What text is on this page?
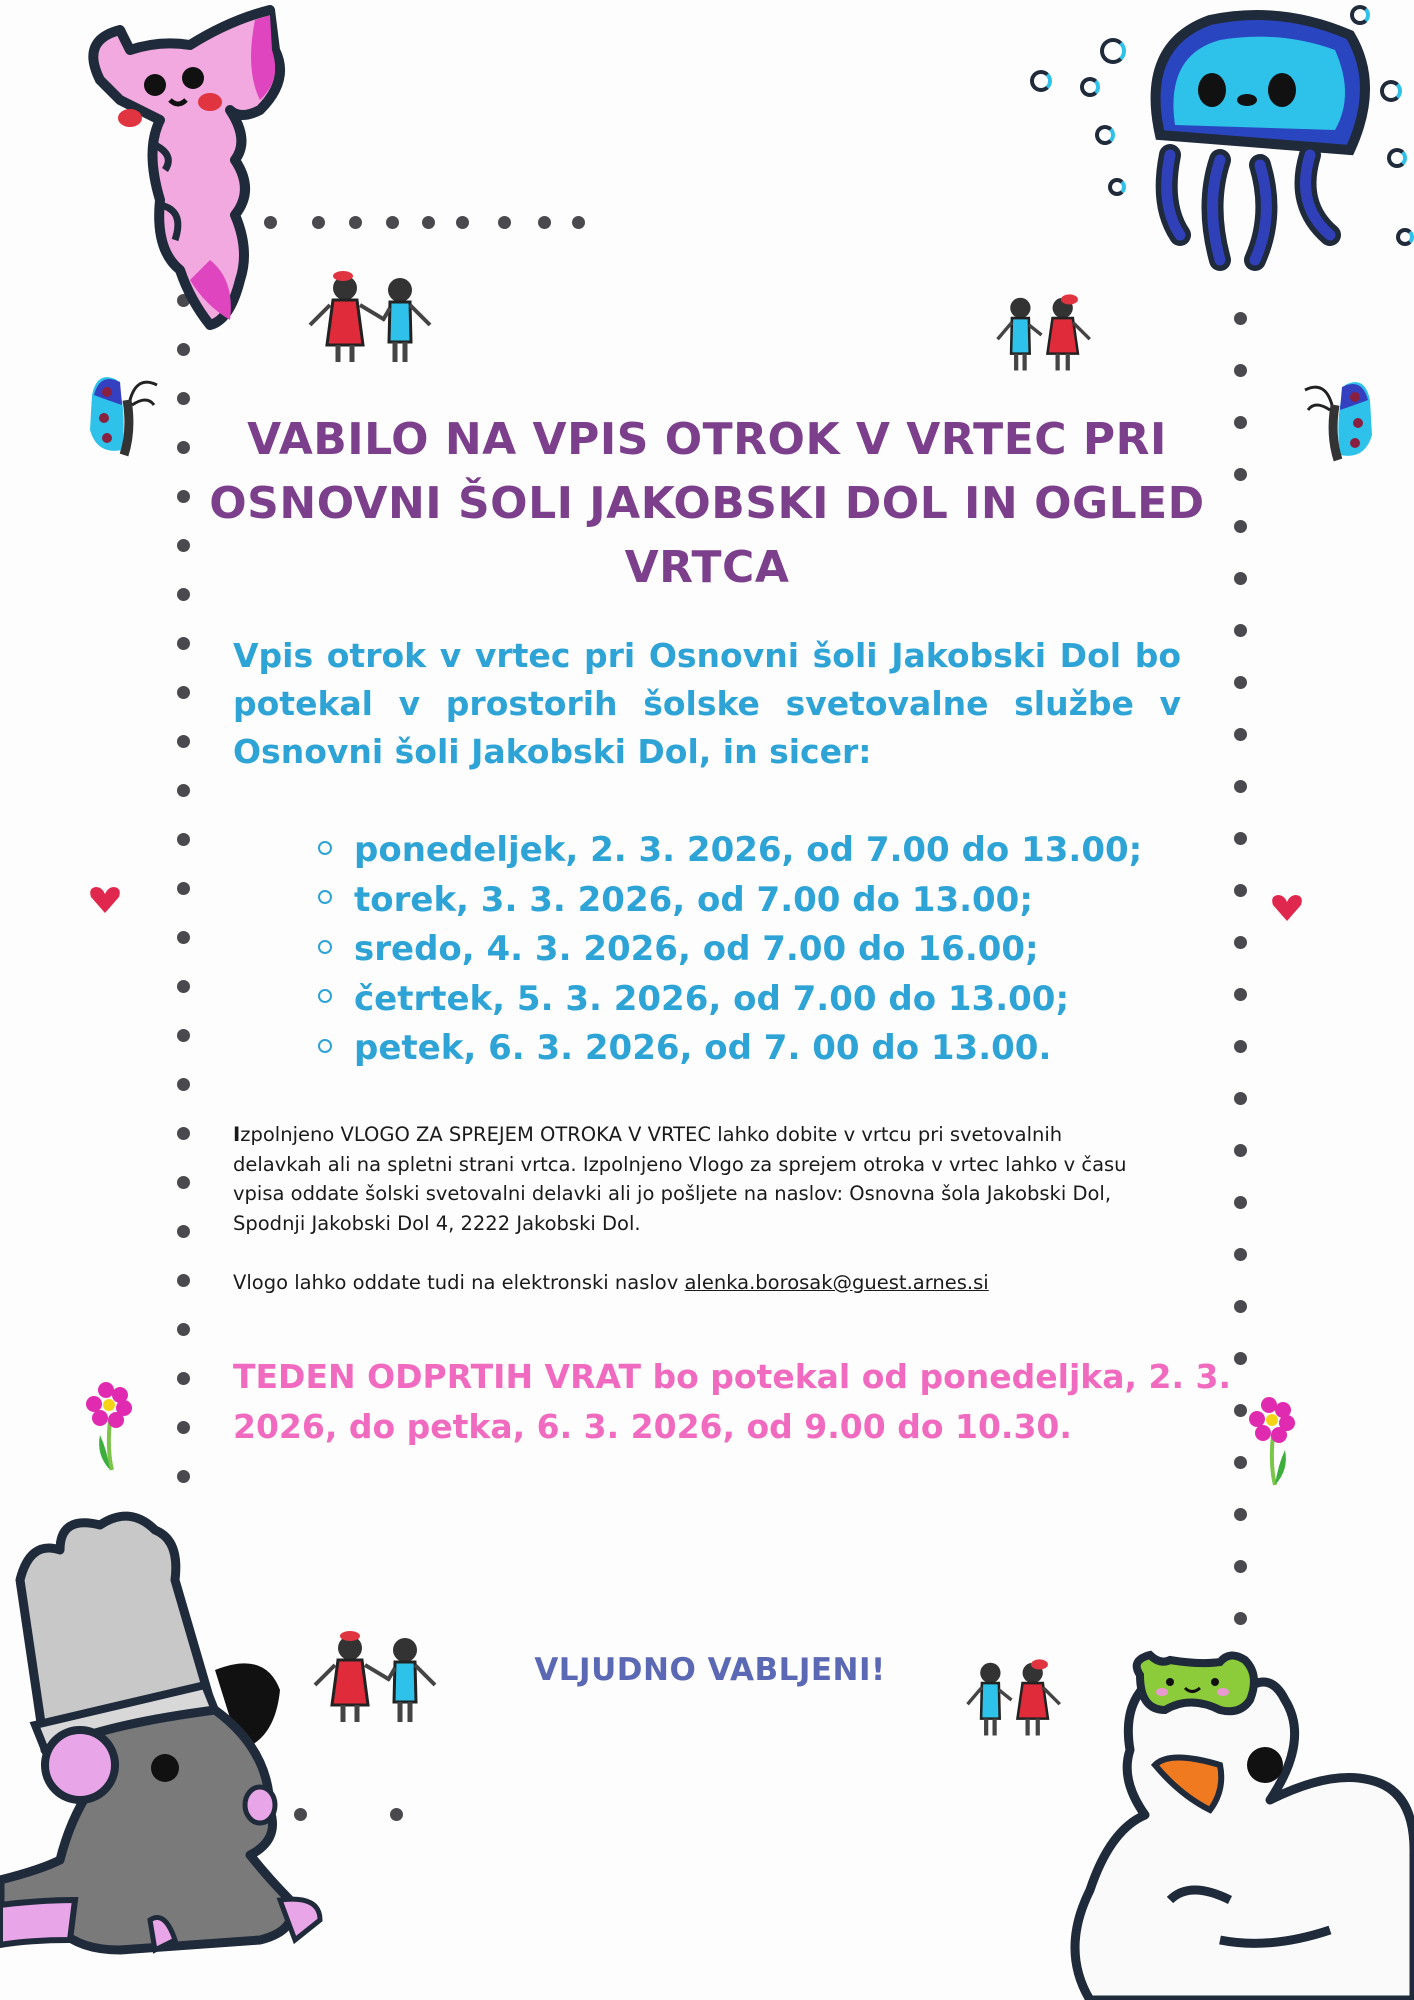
VABILO NA VPIS OTROK V VRTEC PRI
OSNOVNI ŠOLI JAKOBSKI DOL IN OGLED
VRTCA
Vpis otrok v vrtec pri Osnovni šoli Jakobski Dol bo potekal v prostorih šolske svetovalne službe v Osnovni šoli Jakobski Dol, in sicer:
ponedeljek, 2. 3. 2026, od 7.00 do 13.00;
torek, 3. 3. 2026, od 7.00 do 13.00;
sredo, 4. 3. 2026, od 7.00 do 16.00;
četrtek, 5. 3. 2026, od 7.00 do 13.00;
petek, 6. 3. 2026, od 7. 00 do 13.00.

Izpolnjeno VLOGO ZA SPREJEM OTROKA V VRTEC lahko dobite v vrtcu pri svetovalnih delavkah ali na spletni strani vrtca. Izpolnjeno Vlogo za sprejem otroka v vrtec lahko v času vpisa oddate šolski svetovalni delavki ali jo pošljete na naslov: Osnovna šola Jakobski Dol, Spodnji Jakobski Dol 4, 2222 Jakobski Dol.

Vlogo lahko oddate tudi na elektronski naslov alenka.borosak@guest.arnes.si

TEDEN ODPRTIH VRAT bo potekal od ponedeljka, 2. 3. 2026, do petka, 6. 3. 2026, od 9.00 do 10.30.
VLJUDNO VABLJENI!
